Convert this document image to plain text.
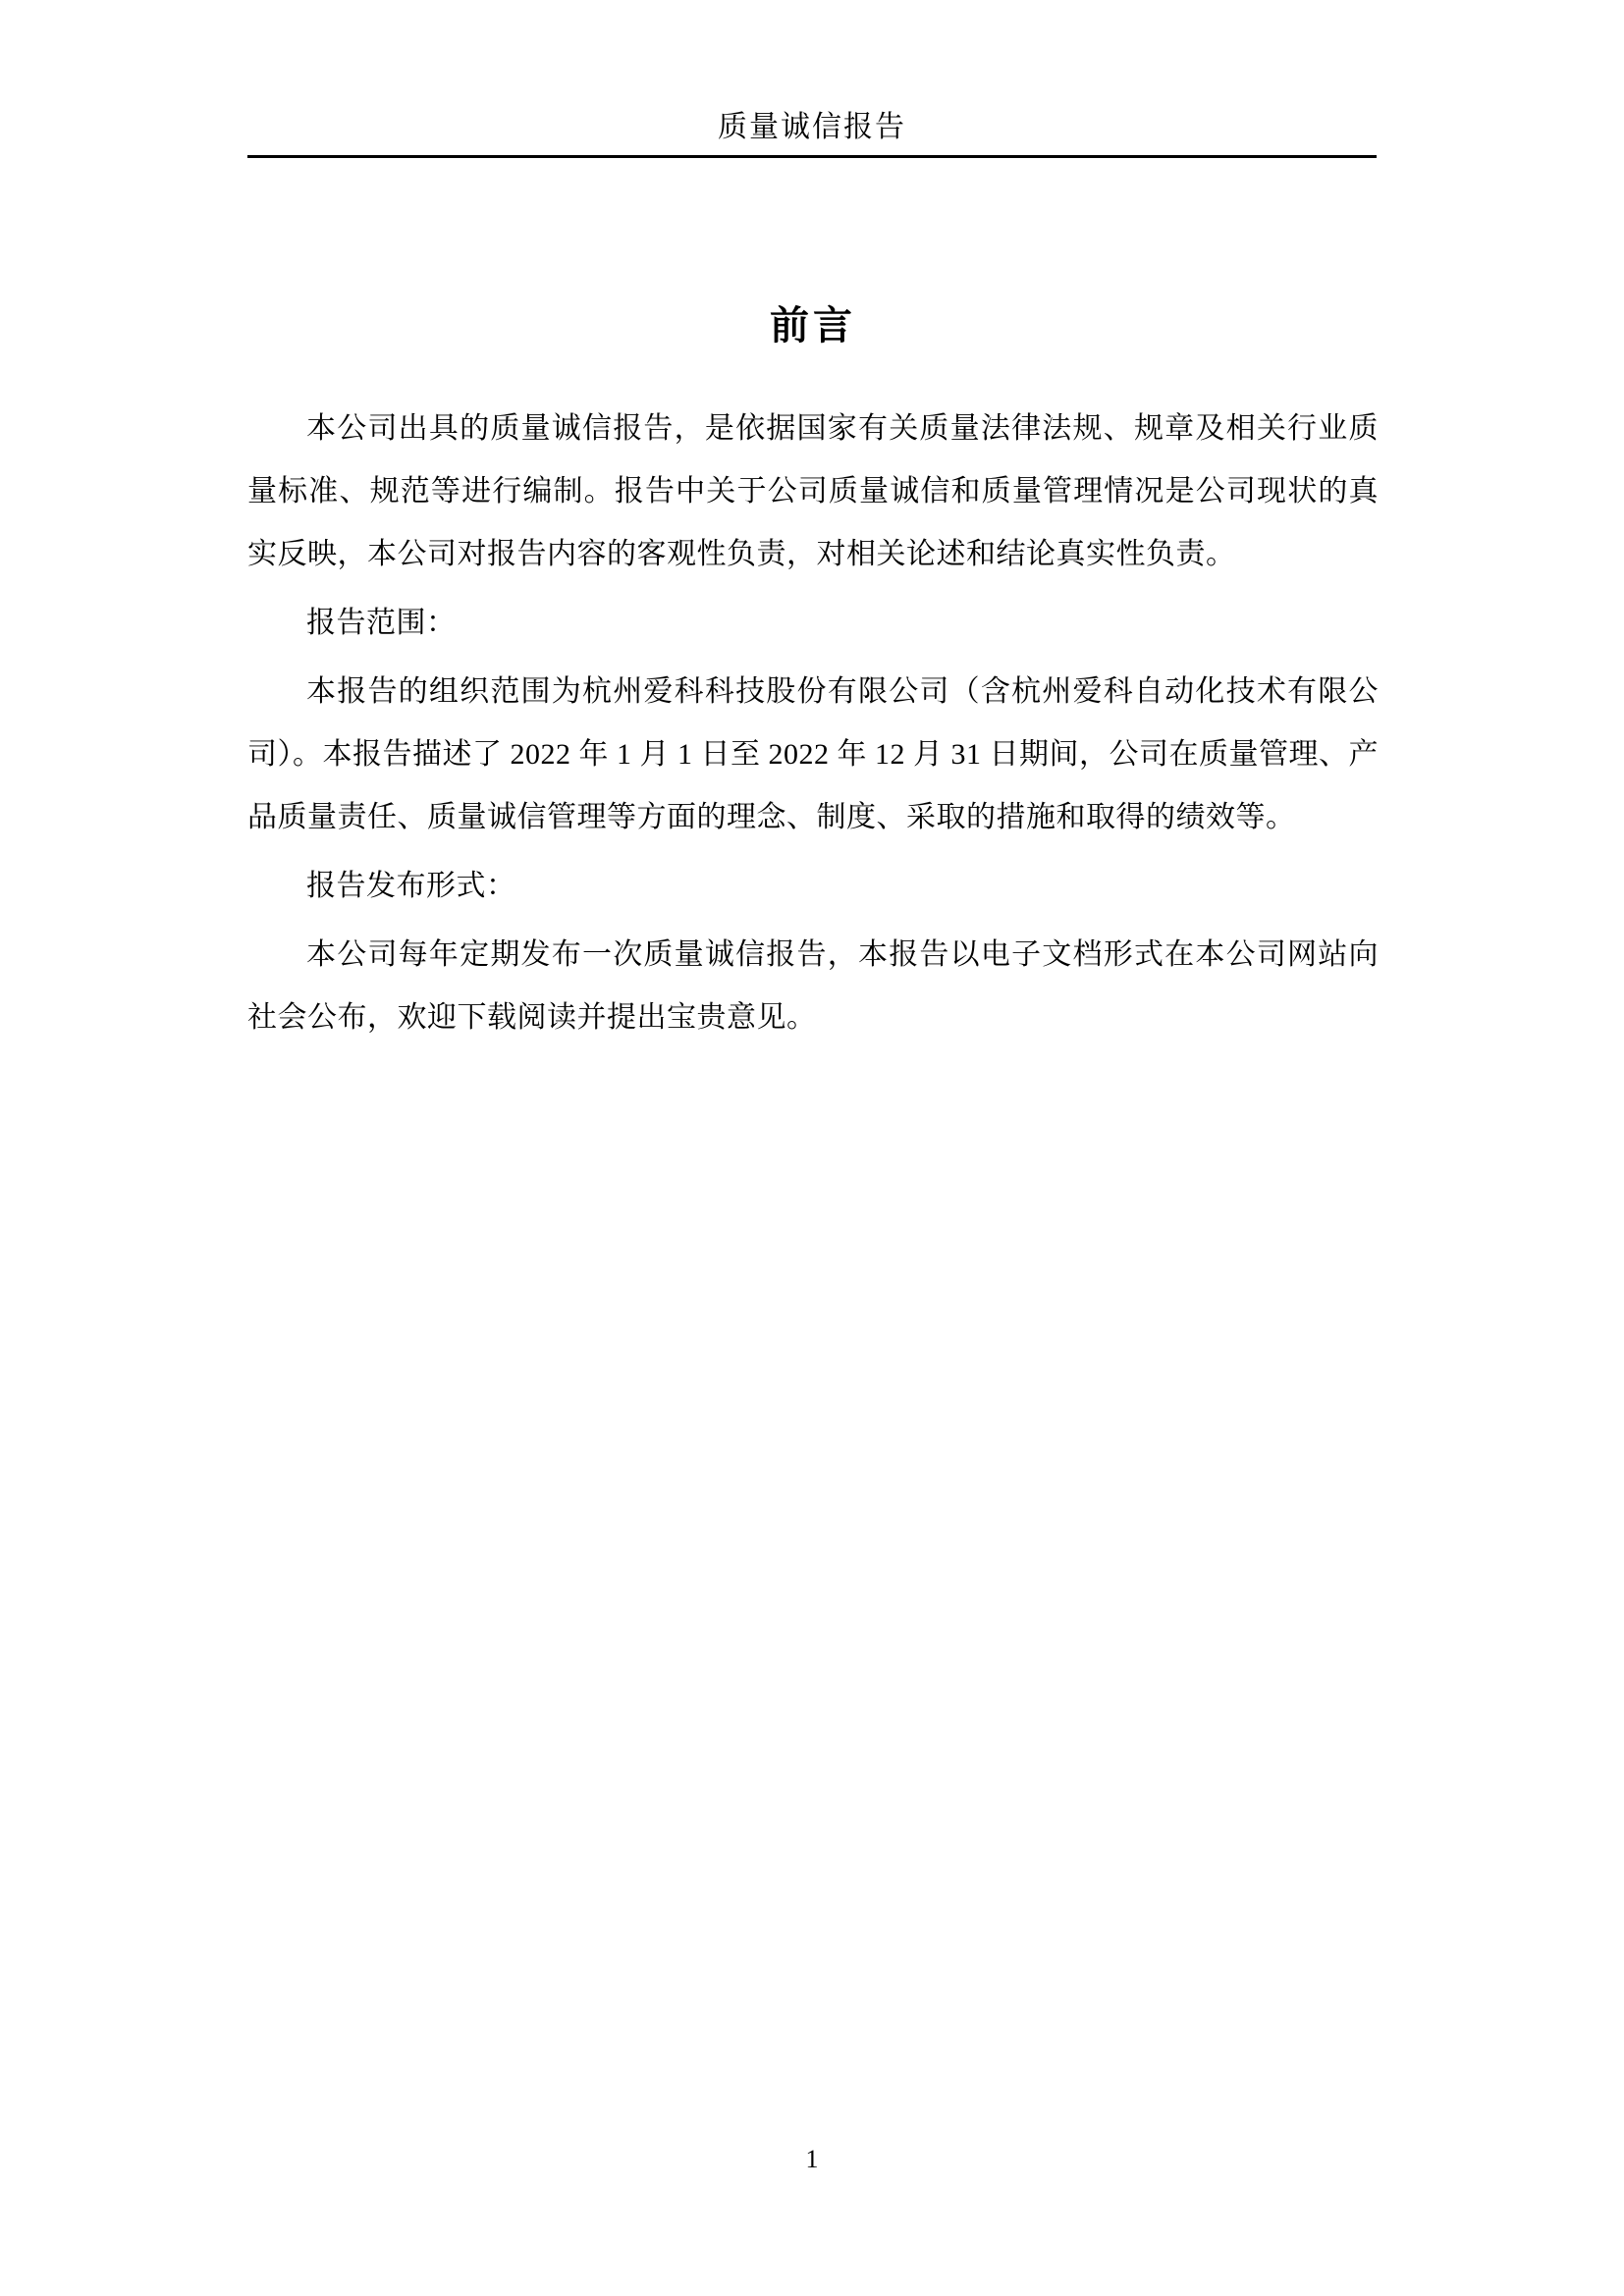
质量诚信报告
前言

本公司出具的质量诚信报告，是依据国家有关质量法律法规、规章及相关行业质量标准、规范等进行编制。报告中关于公司质量诚信和质量管理情况是公司现状的真实反映，本公司对报告内容的客观性负责，对相关论述和结论真实性负责。

报告范围：

本报告的组织范围为杭州爱科科技股份有限公司（含杭州爱科自动化技术有限公司）。本报告描述了 2022 年 1 月 1 日至 2022 年 12 月 31 日期间，公司在质量管理、产品质量责任、质量诚信管理等方面的理念、制度、采取的措施和取得的绩效等。

报告发布形式：

本公司每年定期发布一次质量诚信报告，本报告以电子文档形式在本公司网站向社会公布，欢迎下载阅读并提出宝贵意见。

1
